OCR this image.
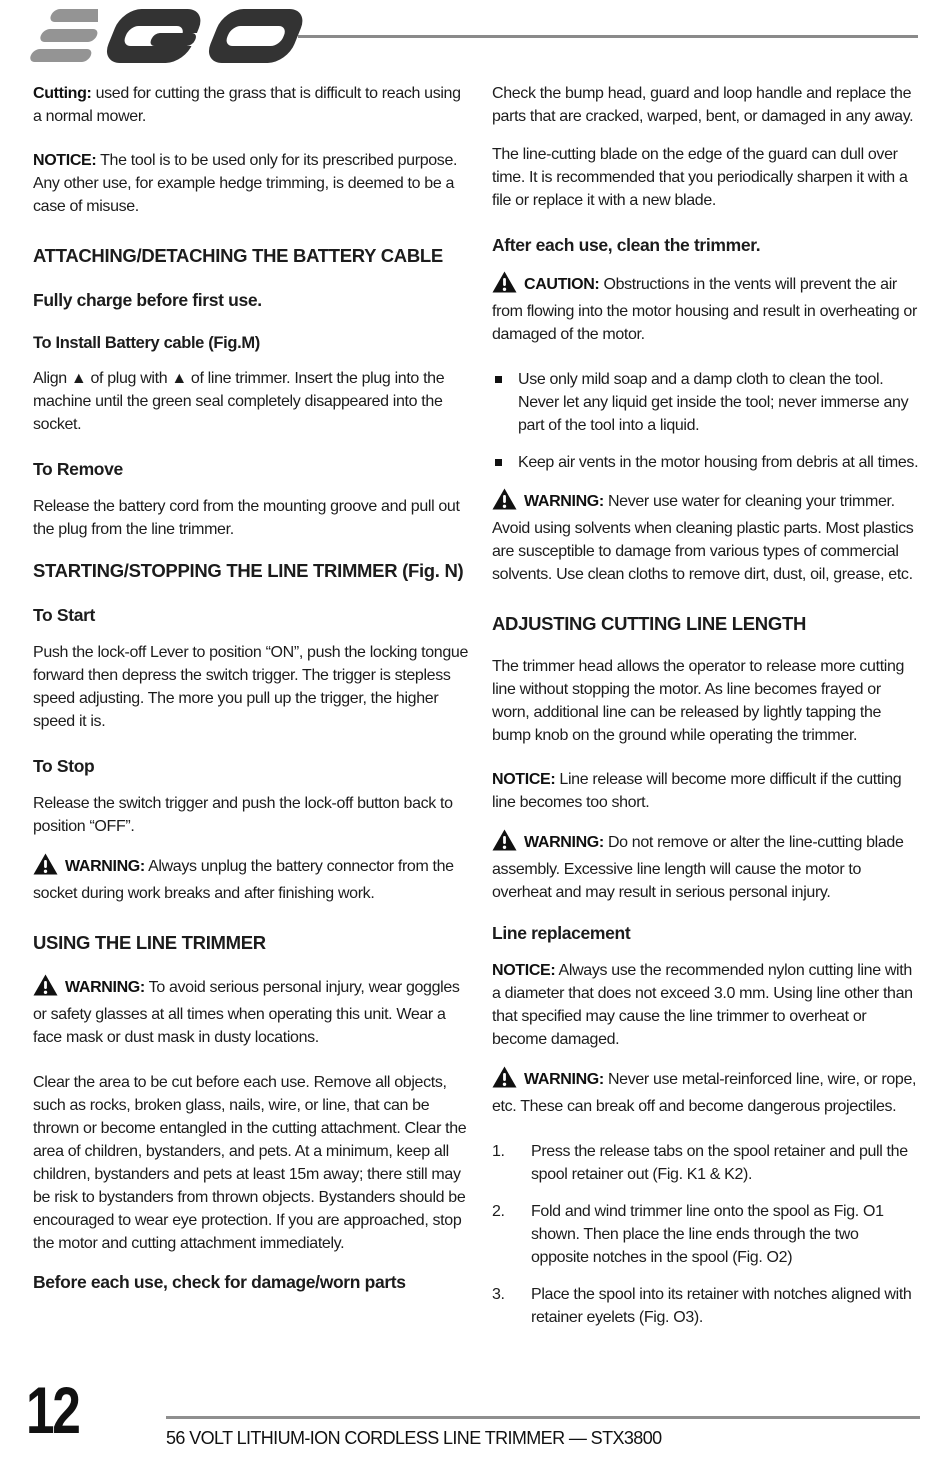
Cutting: used for cutting the grass that is difficult to reach using a normal mower.

NOTICE: The tool is to be used only for its prescribed purpose. Any other use, for example hedge trimming, is deemed to be a case of misuse.

ATTACHING/DETACHING THE BATTERY CABLE
Fully charge before first use.
To Install Battery cable (Fig.M)

Align ▲ of plug with ▲ of line trimmer. Insert the plug into the machine until the green seal completely disappeared into the socket.

To Remove

Release the battery cord from the mounting groove and pull out the plug from the line trimmer.

STARTING/STOPPING THE LINE TRIMMER (Fig. N)
To Start

Push the lock-off Lever to position “ON”, push the locking tongue forward then depress the switch trigger. The trigger is stepless speed adjusting. The more you pull up the trigger, the higher speed it is.

To Stop

Release the switch trigger and push the lock-off button back to position “OFF”.

WARNING: Always unplug the battery connector from the socket during work breaks and after finishing work.

USING THE LINE TRIMMER

WARNING: To avoid serious personal injury, wear goggles or safety glasses at all times when operating this unit. Wear a face mask or dust mask in dusty locations.

Clear the area to be cut before each use. Remove all objects, such as rocks, broken glass, nails, wire, or line, that can be thrown or become entangled in the cutting attachment. Clear the area of children, bystanders, and pets. At a minimum, keep all children, bystanders and pets at least 15m away; there still may be risk to bystanders from thrown objects. Bystanders should be encouraged to wear eye protection. If you are approached, stop the motor and cutting attachment immediately.

Before each use, check for damage/worn parts

Check the bump head, guard and loop handle and replace the parts that are cracked, warped, bent, or damaged in any away.

The line-cutting blade on the edge of the guard can dull over time. It is recommended that you periodically sharpen it with a file or replace it with a new blade.

After each use, clean the trimmer.

CAUTION: Obstructions in the vents will prevent the air from flowing into the motor housing and result in overheating or damaged of the motor.

Use only mild soap and a damp cloth to clean the tool. Never let any liquid get inside the tool; never immerse any part of the tool into a liquid.
Keep air vents in the motor housing from debris at all times.

WARNING: Never use water for cleaning your trimmer. Avoid using solvents when cleaning plastic parts. Most plastics are susceptible to damage from various types of commercial solvents. Use clean cloths to remove dirt, dust, oil, grease, etc.

ADJUSTING CUTTING LINE LENGTH

The trimmer head allows the operator to release more cutting line without stopping the motor. As line becomes frayed or worn, additional line can be released by lightly tapping the bump knob on the ground while operating the trimmer.

NOTICE: Line release will become more difficult if the cutting line becomes too short.

WARNING: Do not remove or alter the line-cutting blade assembly. Excessive line length will cause the motor to overheat and may result in serious personal injury.

Line replacement

NOTICE: Always use the recommended nylon cutting line with a diameter that does not exceed 3.0 mm. Using line other than that specified may cause the line trimmer to overheat or become damaged.

WARNING: Never use metal-reinforced line, wire, or rope, etc. These can break off and become dangerous projectiles.

1.	Press the release tabs on the spool retainer and pull the spool retainer out (Fig. K1 & K2).
2.	Fold and wind trimmer line onto the spool as Fig. O1 shown. Then place the line ends through the two opposite notches in the spool (Fig. O2)
3.	Place the spool into its retainer with notches aligned with retainer eyelets (Fig. O3).
12	56 VOLT LITHIUM-ION CORDLESS LINE TRIMMER — STX3800
